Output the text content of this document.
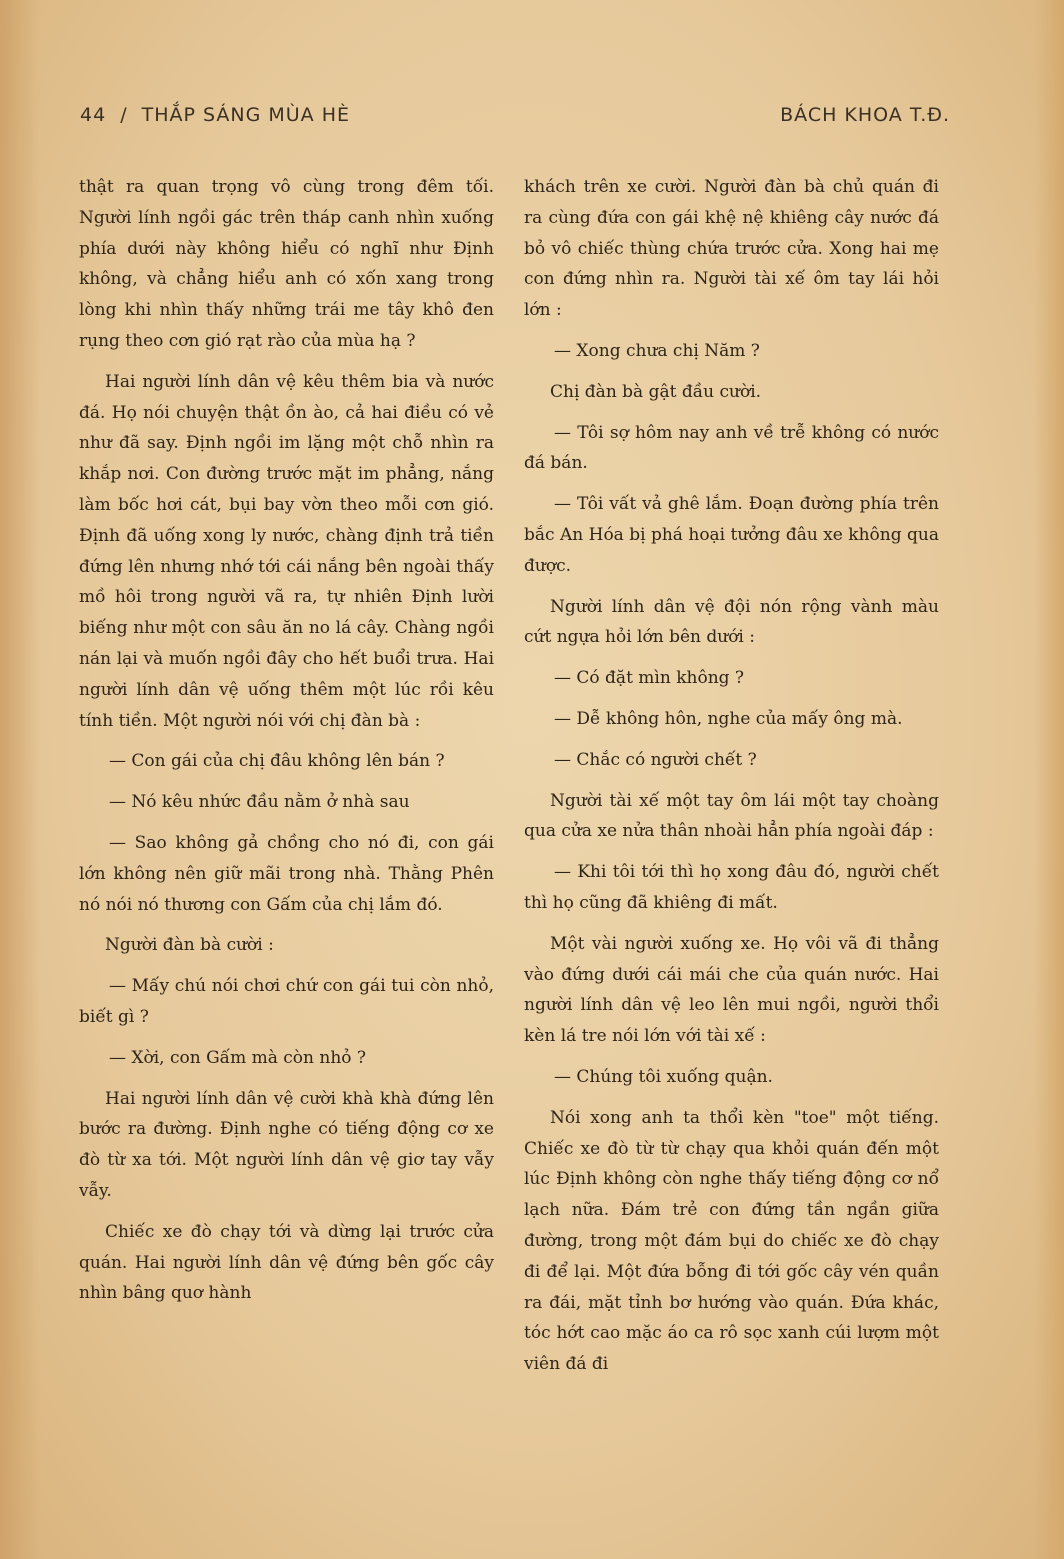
44 / THẮP SÁNG MÙA HÈ	BÁCH KHOA T.Đ.

thật ra quan trọng vô cùng trong đêm tối. Người lính ngồi gác trên tháp canh nhìn xuống phía dưới này không hiểu có nghĩ như Định không, và chẳng hiểu anh có xốn xang trong lòng khi nhìn thấy những trái me tây khô đen rụng theo cơn gió rạt rào của mùa hạ ?

Hai người lính dân vệ kêu thêm bia và nước đá. Họ nói chuyện thật ồn ào, cả hai điều có vẻ như đã say. Định ngồi im lặng một chỗ nhìn ra khắp nơi. Con đường trước mặt im phẳng, nắng làm bốc hơi cát, bụi bay vờn theo mỗi cơn gió. Định đã uống xong ly nước, chàng định trả tiền đứng lên nhưng nhớ tới cái nắng bên ngoài thấy mồ hôi trong người vã ra, tự nhiên Định lười biếng như một con sâu ăn no lá cây. Chàng ngồi nán lại và muốn ngồi đây cho hết buổi trưa. Hai người lính dân vệ uống thêm một lúc rồi kêu tính tiền. Một người nói với chị đàn bà :

— Con gái của chị đâu không lên bán ?

— Nó kêu nhức đầu nằm ở nhà sau

— Sao không gả chồng cho nó đi, con gái lớn không nên giữ mãi trong nhà. Thằng Phên nó nói nó thương con Gấm của chị lắm đó.

Người đàn bà cười :

— Mấy chú nói chơi chứ con gái tui còn nhỏ, biết gì ?

— Xời, con Gấm mà còn nhỏ ?

Hai người lính dân vệ cười khà khà đứng lên bước ra đường. Định nghe có tiếng động cơ xe đò từ xa tới. Một người lính dân vệ giơ tay vẫy vẫy.

Chiếc xe đò chạy tới và dừng lại trước cửa quán. Hai người lính dân vệ đứng bên gốc cây nhìn bâng quơ hành

khách trên xe cười. Người đàn bà chủ quán đi ra cùng đứa con gái khệ nệ khiêng cây nước đá bỏ vô chiếc thùng chứa trước cửa. Xong hai mẹ con đứng nhìn ra. Người tài xế ôm tay lái hỏi lớn :

— Xong chưa chị Năm ?

Chị đàn bà gật đầu cười.

— Tôi sợ hôm nay anh về trễ không có nước đá bán.

— Tôi vất vả ghê lắm. Đoạn đường phía trên bắc An Hóa bị phá hoại tưởng đâu xe không qua được.

Người lính dân vệ đội nón rộng vành màu cứt ngựa hỏi lớn bên dưới :

— Có đặt mìn không ?

— Dễ không hôn, nghe của mấy ông mà.

— Chắc có người chết ?

Người tài xế một tay ôm lái một tay choàng qua cửa xe nửa thân nhoài hẳn phía ngoài đáp :

— Khi tôi tới thì họ xong đâu đó, người chết thì họ cũng đã khiêng đi mất.

Một vài người xuống xe. Họ vôi vã đi thẳng vào đứng dưới cái mái che của quán nước. Hai người lính dân vệ leo lên mui ngồi, người thổi kèn lá tre nói lớn với tài xế :

— Chúng tôi xuống quận.

Nói xong anh ta thổi kèn "toe" một tiếng. Chiếc xe đò từ từ chạy qua khỏi quán đến một lúc Định không còn nghe thấy tiếng động cơ nổ lạch nữa. Đám trẻ con đứng tần ngần giữa đường, trong một đám bụi do chiếc xe đò chạy đi để lại. Một đứa bỗng đi tới gốc cây vén quần ra đái, mặt tỉnh bơ hướng vào quán. Đứa khác, tóc hớt cao mặc áo ca rô sọc xanh cúi lượm một viên đá đi
